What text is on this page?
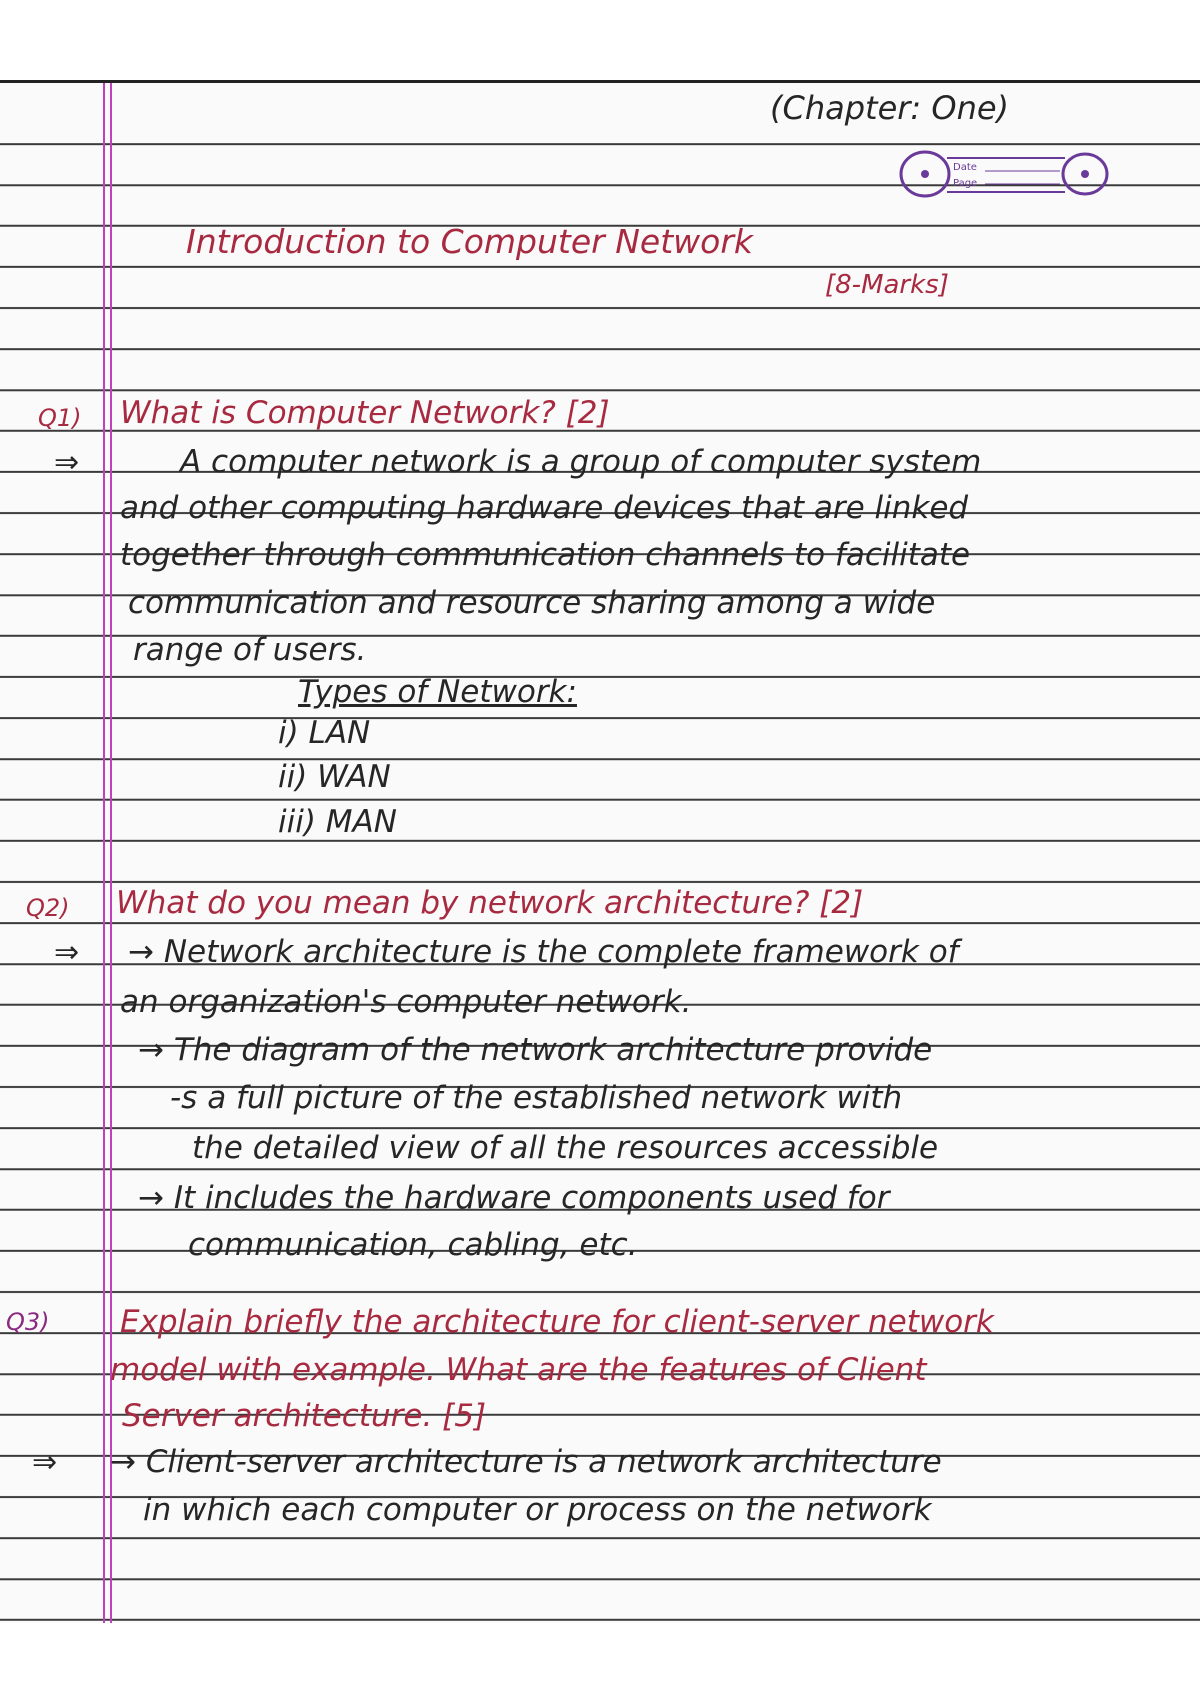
(Chapter: One)
Date
Page
Introduction to Computer Network
[8-Marks]
Q1) What is Computer Network? [2]
⇒	A computer network is a group of computer system
and other computing hardware devices that are linked
together through communication channels to facilitate
communication and resource sharing among a wide
range of users.
Types of Network:
i) LAN
ii) WAN
iii) MAN
Q2) What do you mean by network architecture? [2]
⇒ → Network architecture is the complete framework of
an organization's computer network.
→ The diagram of the network architecture provide
-s a full picture of the established network with
the detailed view of all the resources accessible
→ It includes the hardware components used for
communication, cabling, etc.
Q3) Explain briefly the architecture for client-server network
model with example. What are the features of Client
Server architecture. [5]
⇒ → Client-server architecture is a network architecture
in which each computer or process on the network
